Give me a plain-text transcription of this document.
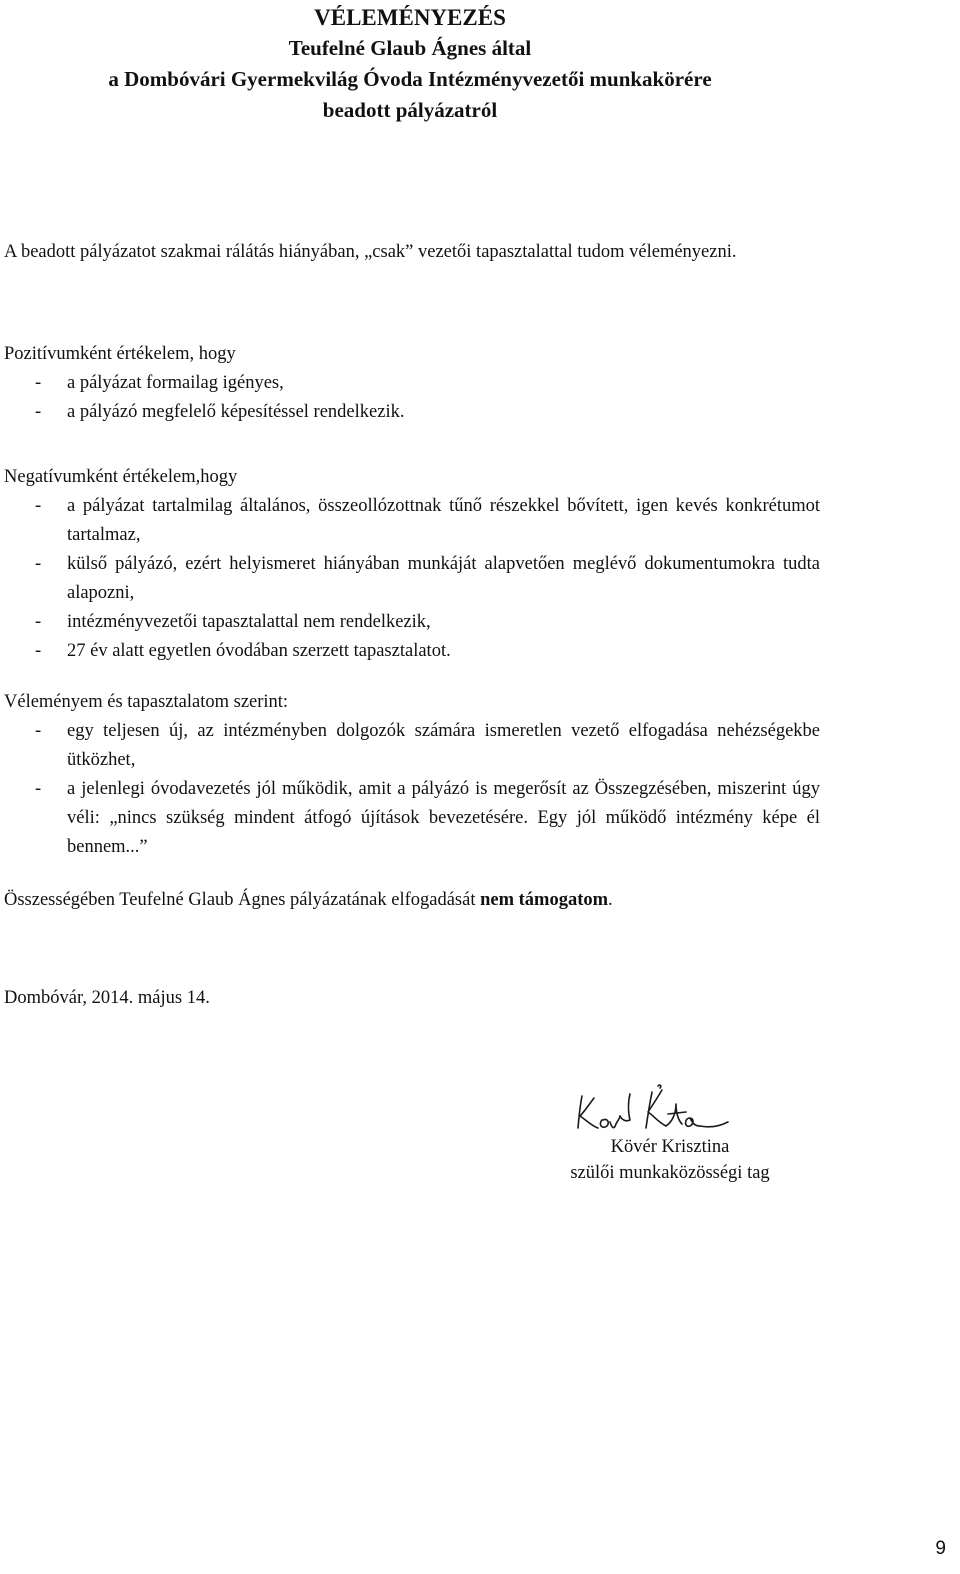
VÉLEMÉNYEZÉS
Teufelné Glaub Ágnes által
a Dombóvári Gyermekvilág Óvoda Intézményvezetői munkakörére
beadott pályázatról
A beadott pályázatot szakmai rálátás hiányában, „csak” vezetői tapasztalattal tudom véleményezni.
Pozitívumként értékelem, hogy
- a pályázat formailag igényes,
- a pályázó megfelelő képesítéssel rendelkezik.
Negatívumként értékelem,hogy
- a pályázat tartalmilag általános, összeollózottnak tűnő részekkel bővített, igen kevés konkrétumot tartalmaz,
- külső pályázó, ezért helyismeret hiányában munkáját alapvetően meglévő dokumentumokra tudta alapozni,
- intézményvezetői tapasztalattal nem rendelkezik,
- 27 év alatt egyetlen óvodában szerzett tapasztalatot.
Véleményem és tapasztalatom szerint:
- egy teljesen új, az intézményben dolgozók számára ismeretlen vezető elfogadása nehézségekbe ütközhet,
- a jelenlegi óvodavezetés jól működik, amit a pályázó is megerősít az Összegzésében, miszerint úgy véli: „nincs szükség mindent átfogó újítások bevezetésére. Egy jól működő intézmény képe él bennem...”
Összességében Teufelné Glaub Ágnes pályázatának elfogadását nem támogatom.
Dombóvár, 2014. május 14.
Kövér Krisztina
szülői munkaközösségi tag
9
